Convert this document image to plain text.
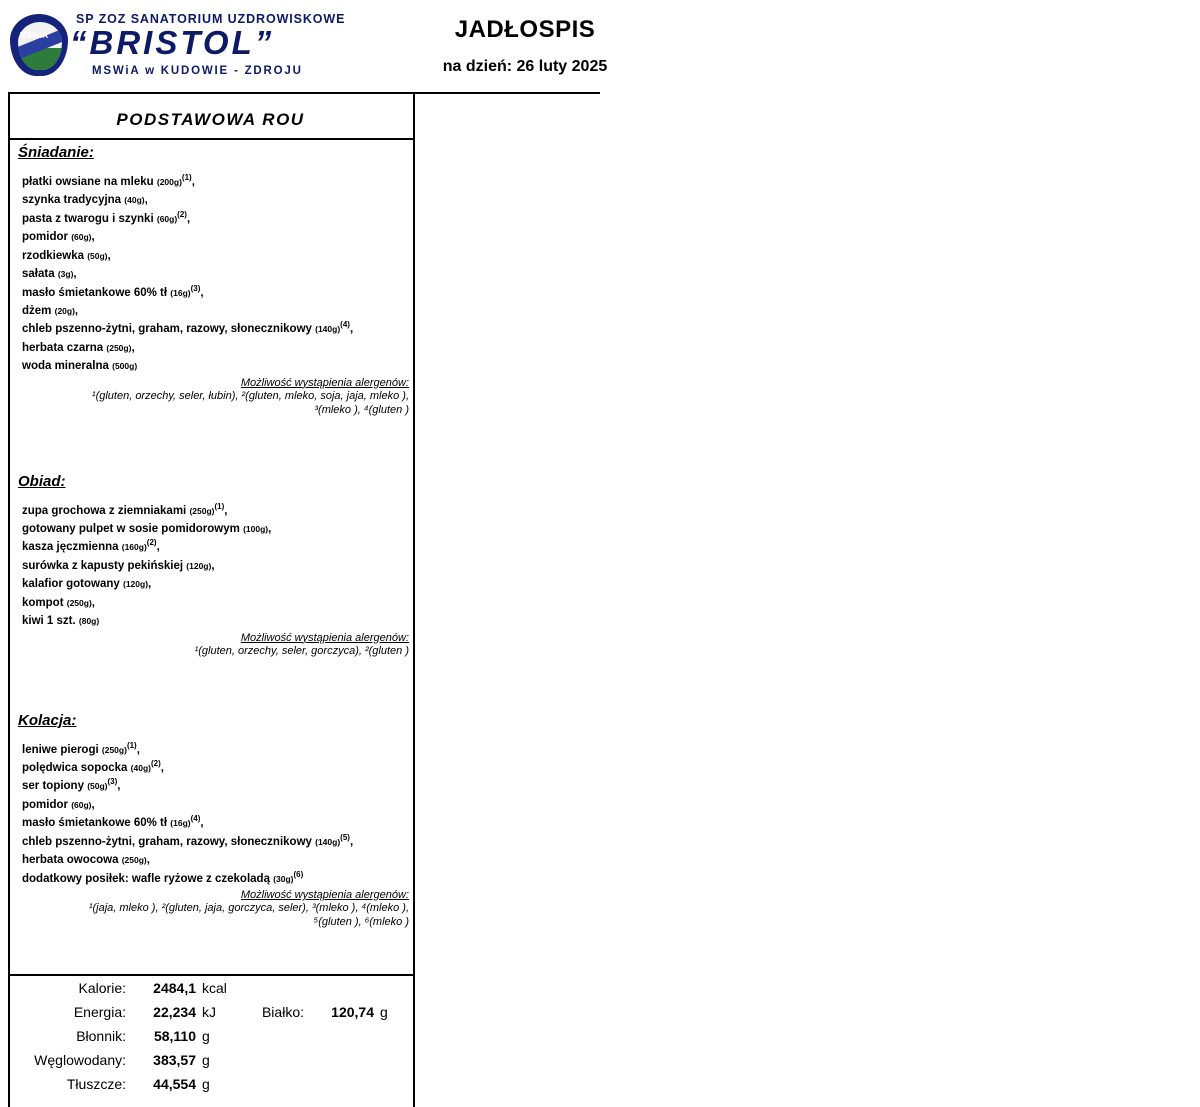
MSWiA
SP ZOZ SANATORIUM UZDROWISKOWE
“BRISTOL”
MSWiA w KUDOWIE - ZDROJU
JADŁOSPIS
na dzień: 26 luty 2025
PODSTAWOWA ROU
Śniadanie:
płatki owsiane na mleku $(200g)^{(1)}$,
szynka tradycyjna (40g),
pasta z twarogu i szynki $(60g)^{(2)}$,
pomidor (60g),
rzodkiewka (50g),
sałata (3g),
masło śmietankowe 60% tł $(16g)^{(3)}$,
dżem (20g),
chleb pszenno-żytni, graham, razowy, słonecznikowy $(140g)^{(4)}$,
herbata czarna (250g),
woda mineralna (500g)
Możliwość wystąpienia alergenów:
¹(gluten, orzechy, seler, łubin), ²(gluten, mleko, soja, jaja, mleko ),
³(mleko ), ⁴(gluten )
Obiad:
zupa grochowa z ziemniakami $(250g)^{(1)}$,
gotowany pulpet w sosie pomidorowym (100g),
kasza jęczmienna $(160g)^{(2)}$,
surówka z kapusty pekińskiej (120g),
kalafior gotowany (120g),
kompot (250g),
kiwi 1 szt. (80g)
Możliwość wystąpienia alergenów:
¹(gluten, orzechy, seler, gorczyca), ²(gluten )
Kolacja:
leniwe pierogi $(250g)^{(1)}$,
polędwica sopocka $(40g)^{(2)}$,
ser topiony $(50g)^{(3)}$,
pomidor (60g),
masło śmietankowe 60% tł $(16g)^{(4)}$,
chleb pszenno-żytni, graham, razowy, słonecznikowy $(140g)^{(5)}$,
herbata owocowa (250g),
dodatkowy posiłek: wafle ryżowe z czekoladą $(30g)^{(6)}$
Możliwość wystąpienia alergenów:
¹(jaja, mleko ), ²(gluten, jaja, gorczyca, seler), ³(mleko ), ⁴(mleko ),
⁵(gluten ), ⁶(mleko )
Kalorie:	2484,1 kcal
Energia:	22,234 kJ	Białko:	120,74 g
Błonnik:	58,110 g
Węglowodany:	383,57 g
Tłuszcze:	44,554 g
